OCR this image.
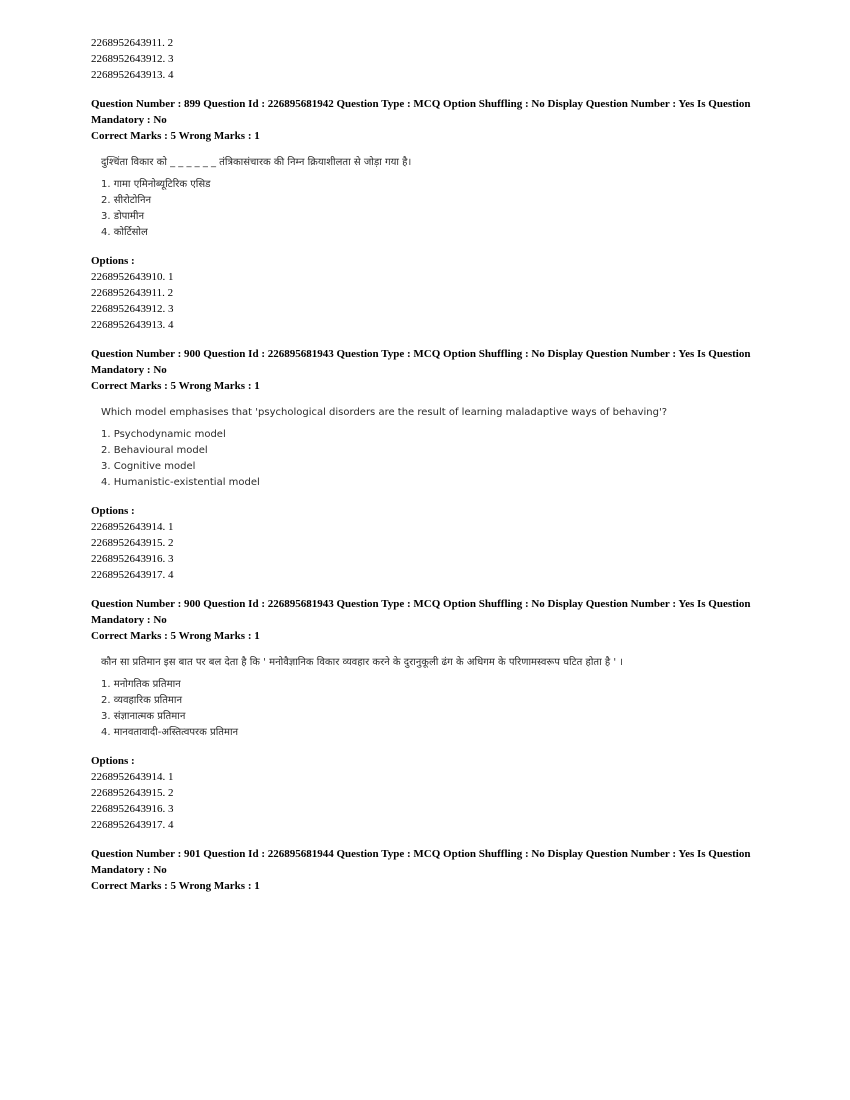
2268952643911. 2
2268952643912. 3
2268952643913. 4
Question Number : 899 Question Id : 226895681942 Question Type : MCQ Option Shuffling : No Display Question Number : Yes Is Question
Mandatory : No
Correct Marks : 5 Wrong Marks : 1
दुश्चिंता विकार को _ _ _ _ _ _ तंत्रिकासंचारक की निम्न क्रियाशीलता से जोड़ा गया है।
1. गामा एमिनोब्यूटिरिक एसिड
2. सीरोटोनिन
3. डोपामीन
4. कोर्टिसोल
Options :
2268952643910. 1
2268952643911. 2
2268952643912. 3
2268952643913. 4
Question Number : 900 Question Id : 226895681943 Question Type : MCQ Option Shuffling : No Display Question Number : Yes Is Question
Mandatory : No
Correct Marks : 5 Wrong Marks : 1
Which model emphasises that 'psychological disorders are the result of learning maladaptive ways of behaving'?
1. Psychodynamic model
2. Behavioural model
3. Cognitive model
4. Humanistic-existential model
Options :
2268952643914. 1
2268952643915. 2
2268952643916. 3
2268952643917. 4
Question Number : 900 Question Id : 226895681943 Question Type : MCQ Option Shuffling : No Display Question Number : Yes Is Question
Mandatory : No
Correct Marks : 5 Wrong Marks : 1
कौन सा प्रतिमान इस बात पर बल देता है कि ' मनोवैज्ञानिक विकार व्यवहार करने के दुरानुकूली ढंग के अधिगम के परिणामस्वरूप घटित होता है ' ।
1. मनोगतिक प्रतिमान
2. व्यवहारिक प्रतिमान
3. संज्ञानात्मक प्रतिमान
4. मानवतावादी-अस्तित्वपरक प्रतिमान
Options :
2268952643914. 1
2268952643915. 2
2268952643916. 3
2268952643917. 4
Question Number : 901 Question Id : 226895681944 Question Type : MCQ Option Shuffling : No Display Question Number : Yes Is Question
Mandatory : No
Correct Marks : 5 Wrong Marks : 1
